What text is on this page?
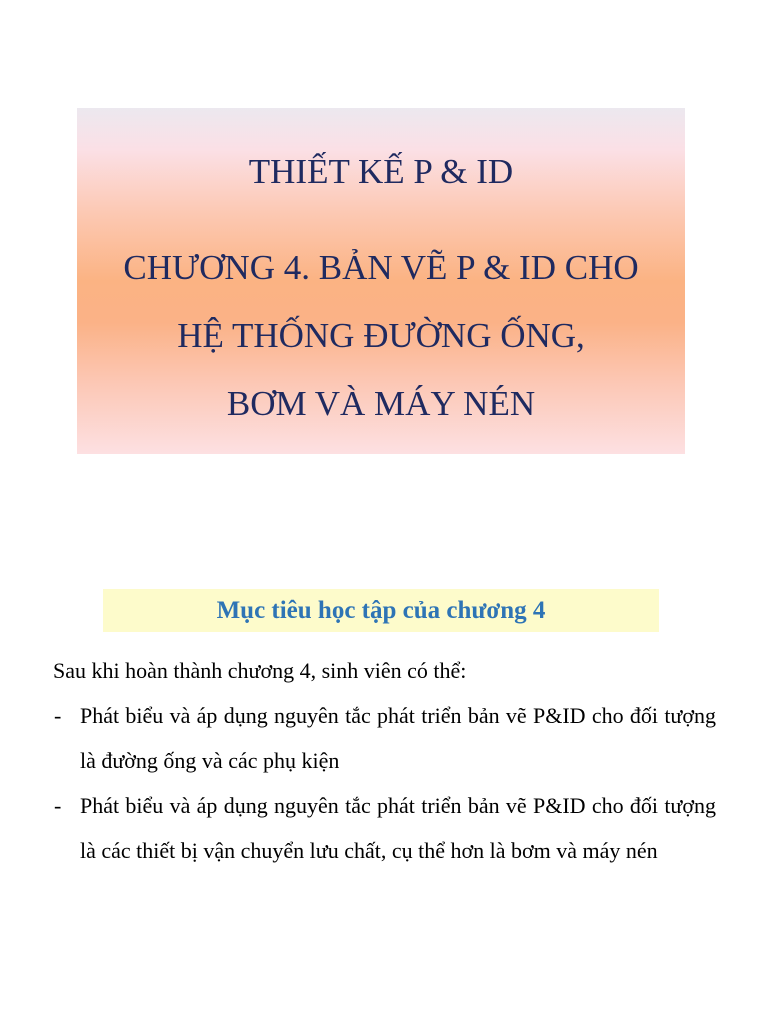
THIẾT KẾ P & ID
CHƯƠNG 4. BẢN VẼ P & ID CHO
HỆ THỐNG ĐƯỜNG ỐNG,
BƠM VÀ MÁY NÉN
Mục tiêu học tập của chương 4
Sau khi hoàn thành chương 4, sinh viên có thể:
- Phát biểu và áp dụng nguyên tắc phát triển bản vẽ P&ID cho đối tượng là đường ống và các phụ kiện
- Phát biểu và áp dụng nguyên tắc phát triển bản vẽ P&ID cho đối tượng là các thiết bị vận chuyển lưu chất, cụ thể hơn là bơm và máy nén
